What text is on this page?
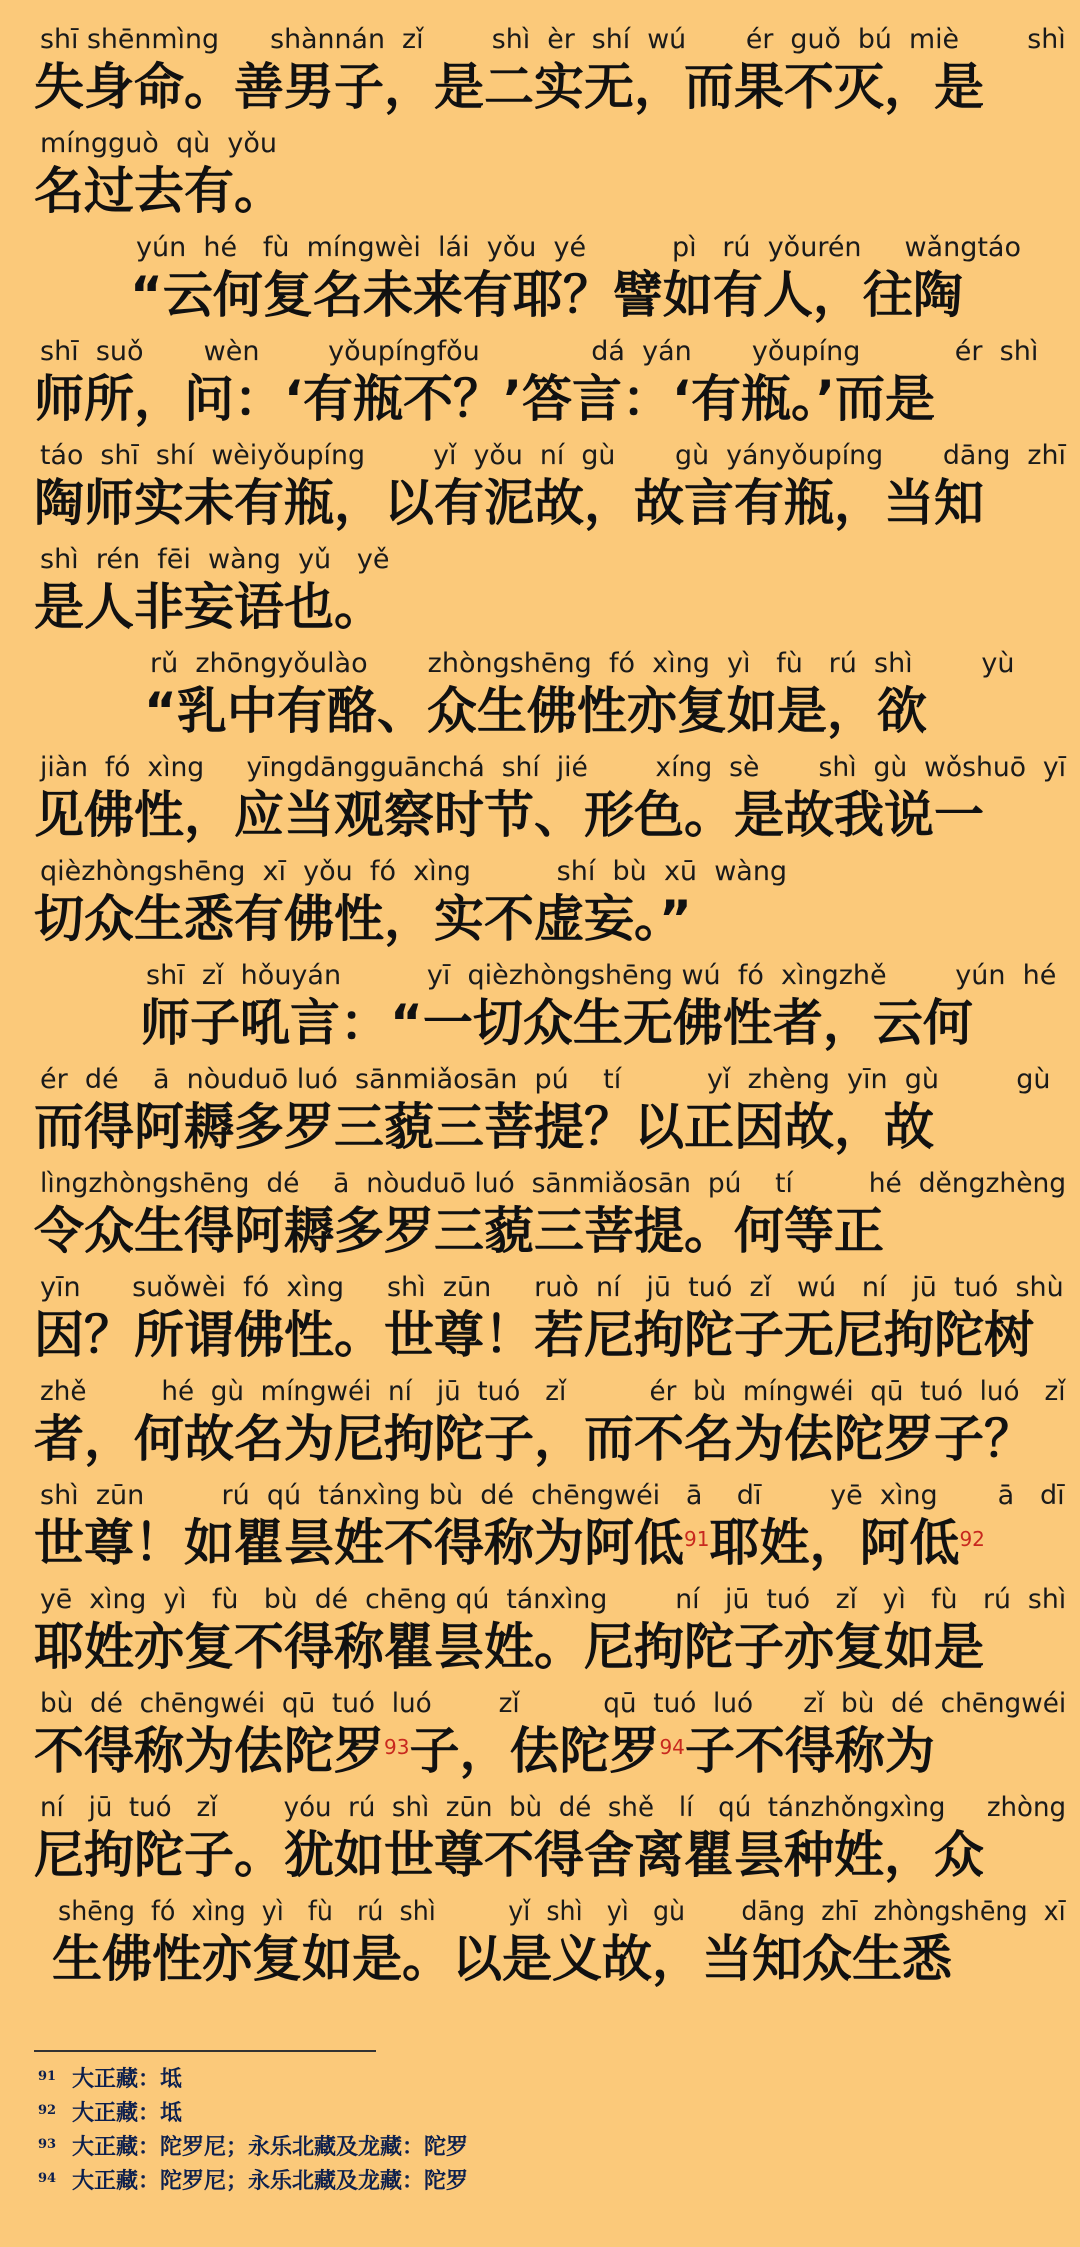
shī shēnmìng      shànnán  zǐ        shì  èr  shí  wú       ér  guǒ  bú  miè        shì
失身命。善男子，是二实无，而果不灭，是
míngguò  qù  yǒu
名过去有。
yún  hé   fù  míngwèi  lái  yǒu  yé          pì   rú  yǒurén     wǎngtáo
“云何复名未来有耶？譬如有人，往陶
shī  suǒ       wèn        yǒupíngfǒu             dá  yán       yǒupíng           ér  shì
师所，问：‘有瓶不？’答言：‘有瓶。’而是
táo  shī  shí  wèiyǒupíng        yǐ  yǒu  ní  gù       gù  yányǒupíng       dāng  zhī
陶师实未有瓶，以有泥故，故言有瓶，当知
shì  rén  fēi  wàng  yǔ   yě
是人非妄语也。
rǔ  zhōngyǒulào       zhòngshēng  fó  xìng  yì   fù   rú  shì        yù
“乳中有酪、众生佛性亦复如是，欲
jiàn  fó  xìng     yīngdāngguānchá  shí  jié        xíng  sè       shì  gù  wǒshuō  yī
见佛性，应当观察时节、形色。是故我说一
qièzhòngshēng  xī  yǒu  fó  xìng          shí  bù  xū  wàng
切众生悉有佛性，实不虚妄。”
shī  zǐ  hǒuyán          yī  qièzhòngshēng wú  fó  xìngzhě        yún  hé
师子吼言：“一切众生无佛性者，云何
ér  dé    ā  nòuduō luó  sānmiǎosān  pú    tí          yǐ  zhèng  yīn  gù         gù
而得阿耨多罗三藐三菩提？以正因故，故
lìngzhòngshēng  dé    ā  nòuduō luó  sānmiǎosān  pú    tí         hé  děngzhèng
令众生得阿耨多罗三藐三菩提。何等正
yīn      suǒwèi  fó  xìng     shì  zūn     ruò  ní   jū  tuó  zǐ   wú   ní   jū  tuó  shù
因？所谓佛性。世尊！若尼拘陀子无尼拘陀树
zhě         hé  gù  míngwéi  ní   jū  tuó   zǐ          ér  bù  míngwéi  qū  tuó  luó   zǐ
者，何故名为尼拘陀子，而不名为佉陀罗子？
shì  zūn         rú  qú  tánxìng bù  dé  chēngwéi   ā    dī        yē  xìng       ā   dī
世尊！如瞿昙姓不得称为阿低$^{91}$耶姓，阿低$^{92}$
yē  xìng  yì   fù   bù  dé  chēng qú  tánxìng        ní   jū  tuó   zǐ   yì   fù   rú  shì
耶姓亦复不得称瞿昙姓。尼拘陀子亦复如是
bù  dé  chēngwéi  qū  tuó  luó        zǐ          qū  tuó  luó      zǐ  bù  dé  chēngwéi
不得称为佉陀罗$^{93}$子，佉陀罗$^{94}$子不得称为
ní   jū  tuó   zǐ        yóu  rú  shì  zūn  bù  dé  shě   lí   qú  tánzhǒngxìng     zhòng
尼拘陀子。犹如世尊不得舍离瞿昙种姓，众
shēng  fó  xìng  yì   fù   rú  shì         yǐ  shì   yì   gù       dāng  zhī  zhòngshēng  xī
生佛性亦复如是。以是义故，当知众生悉
91 大正藏：坻
92 大正藏：坻
93 大正藏：陀罗尼；永乐北藏及龙藏：陀罗
94 大正藏：陀罗尼；永乐北藏及龙藏：陀罗
